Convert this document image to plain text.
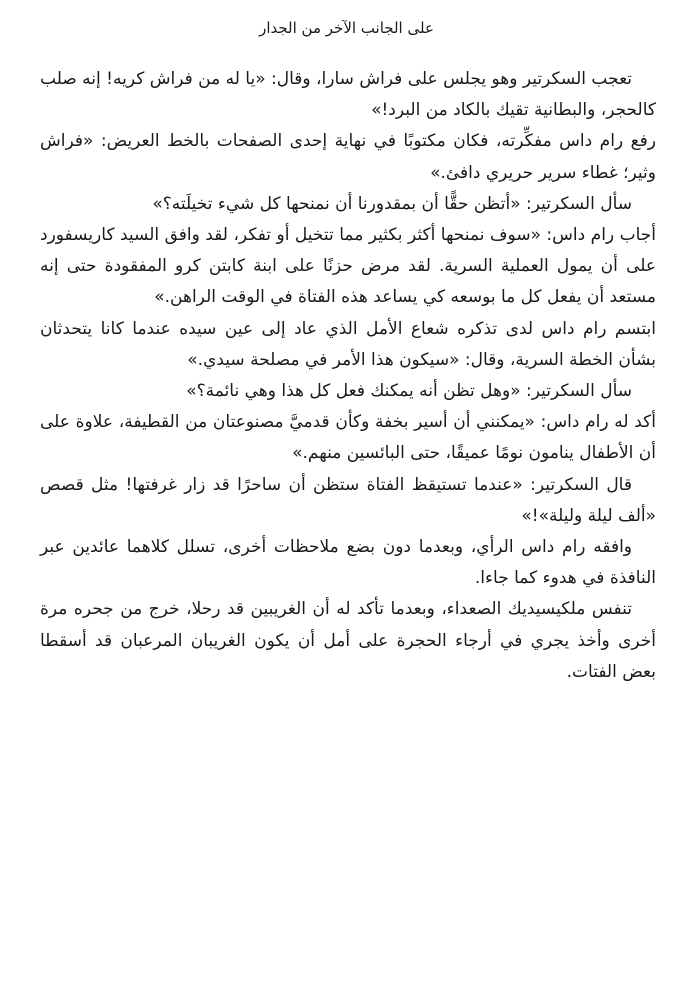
على الجانب الآخر من الجدار

تعجب السكرتير وهو يجلس على فراش سارا، وقال: «يا له من فراش كريه! إنه صلب كالحجر، والبطانية تقيك بالكاد من البرد!»

رفع رام داس مفكِّرته، فكان مكتوبًا في نهاية إحدى الصفحات بالخط العريض: «فراش وثير؛ غطاء سرير حريري دافئ.»

سأل السكرتير: «أتظن حقًّا أن بمقدورنا أن نمنحها كل شيء تخيلَته؟»

أجاب رام داس: «سوف نمنحها أكثر بكثير مما تتخيل أو تفكر، لقد وافق السيد كاريسفورد على أن يمول العملية السرية. لقد مرض حزنًا على ابنة كابتن كرو المفقودة حتى إنه مستعد أن يفعل كل ما بوسعه كي يساعد هذه الفتاة في الوقت الراهن.»

ابتسم رام داس لدى تذكره شعاع الأمل الذي عاد إلى عين سيده عندما كانا يتحدثان بشأن الخطة السرية، وقال: «سيكون هذا الأمر في مصلحة سيدي.»

سأل السكرتير: «وهل تظن أنه يمكنك فعل كل هذا وهي نائمة؟»

أكد له رام داس: «يمكنني أن أسير بخفة وكأن قدميَّ مصنوعتان من القطيفة، علاوة على أن الأطفال ينامون نومًا عميقًا، حتى البائسين منهم.»

قال السكرتير: «عندما تستيقظ الفتاة ستظن أن ساحرًا قد زار غرفتها! مثل قصص «ألف ليلة وليلة»!»

وافقه رام داس الرأي، وبعدما دون بضع ملاحظات أخرى، تسلل كلاهما عائدين عبر النافذة في هدوء كما جاءا.

تنفس ملكيسيديك الصعداء، وبعدما تأكد له أن الغريبين قد رحلا، خرج من جحره مرة أخرى وأخذ يجري في أرجاء الحجرة على أمل أن يكون الغريبان المرعبان قد أسقطا بعض الفتات.
